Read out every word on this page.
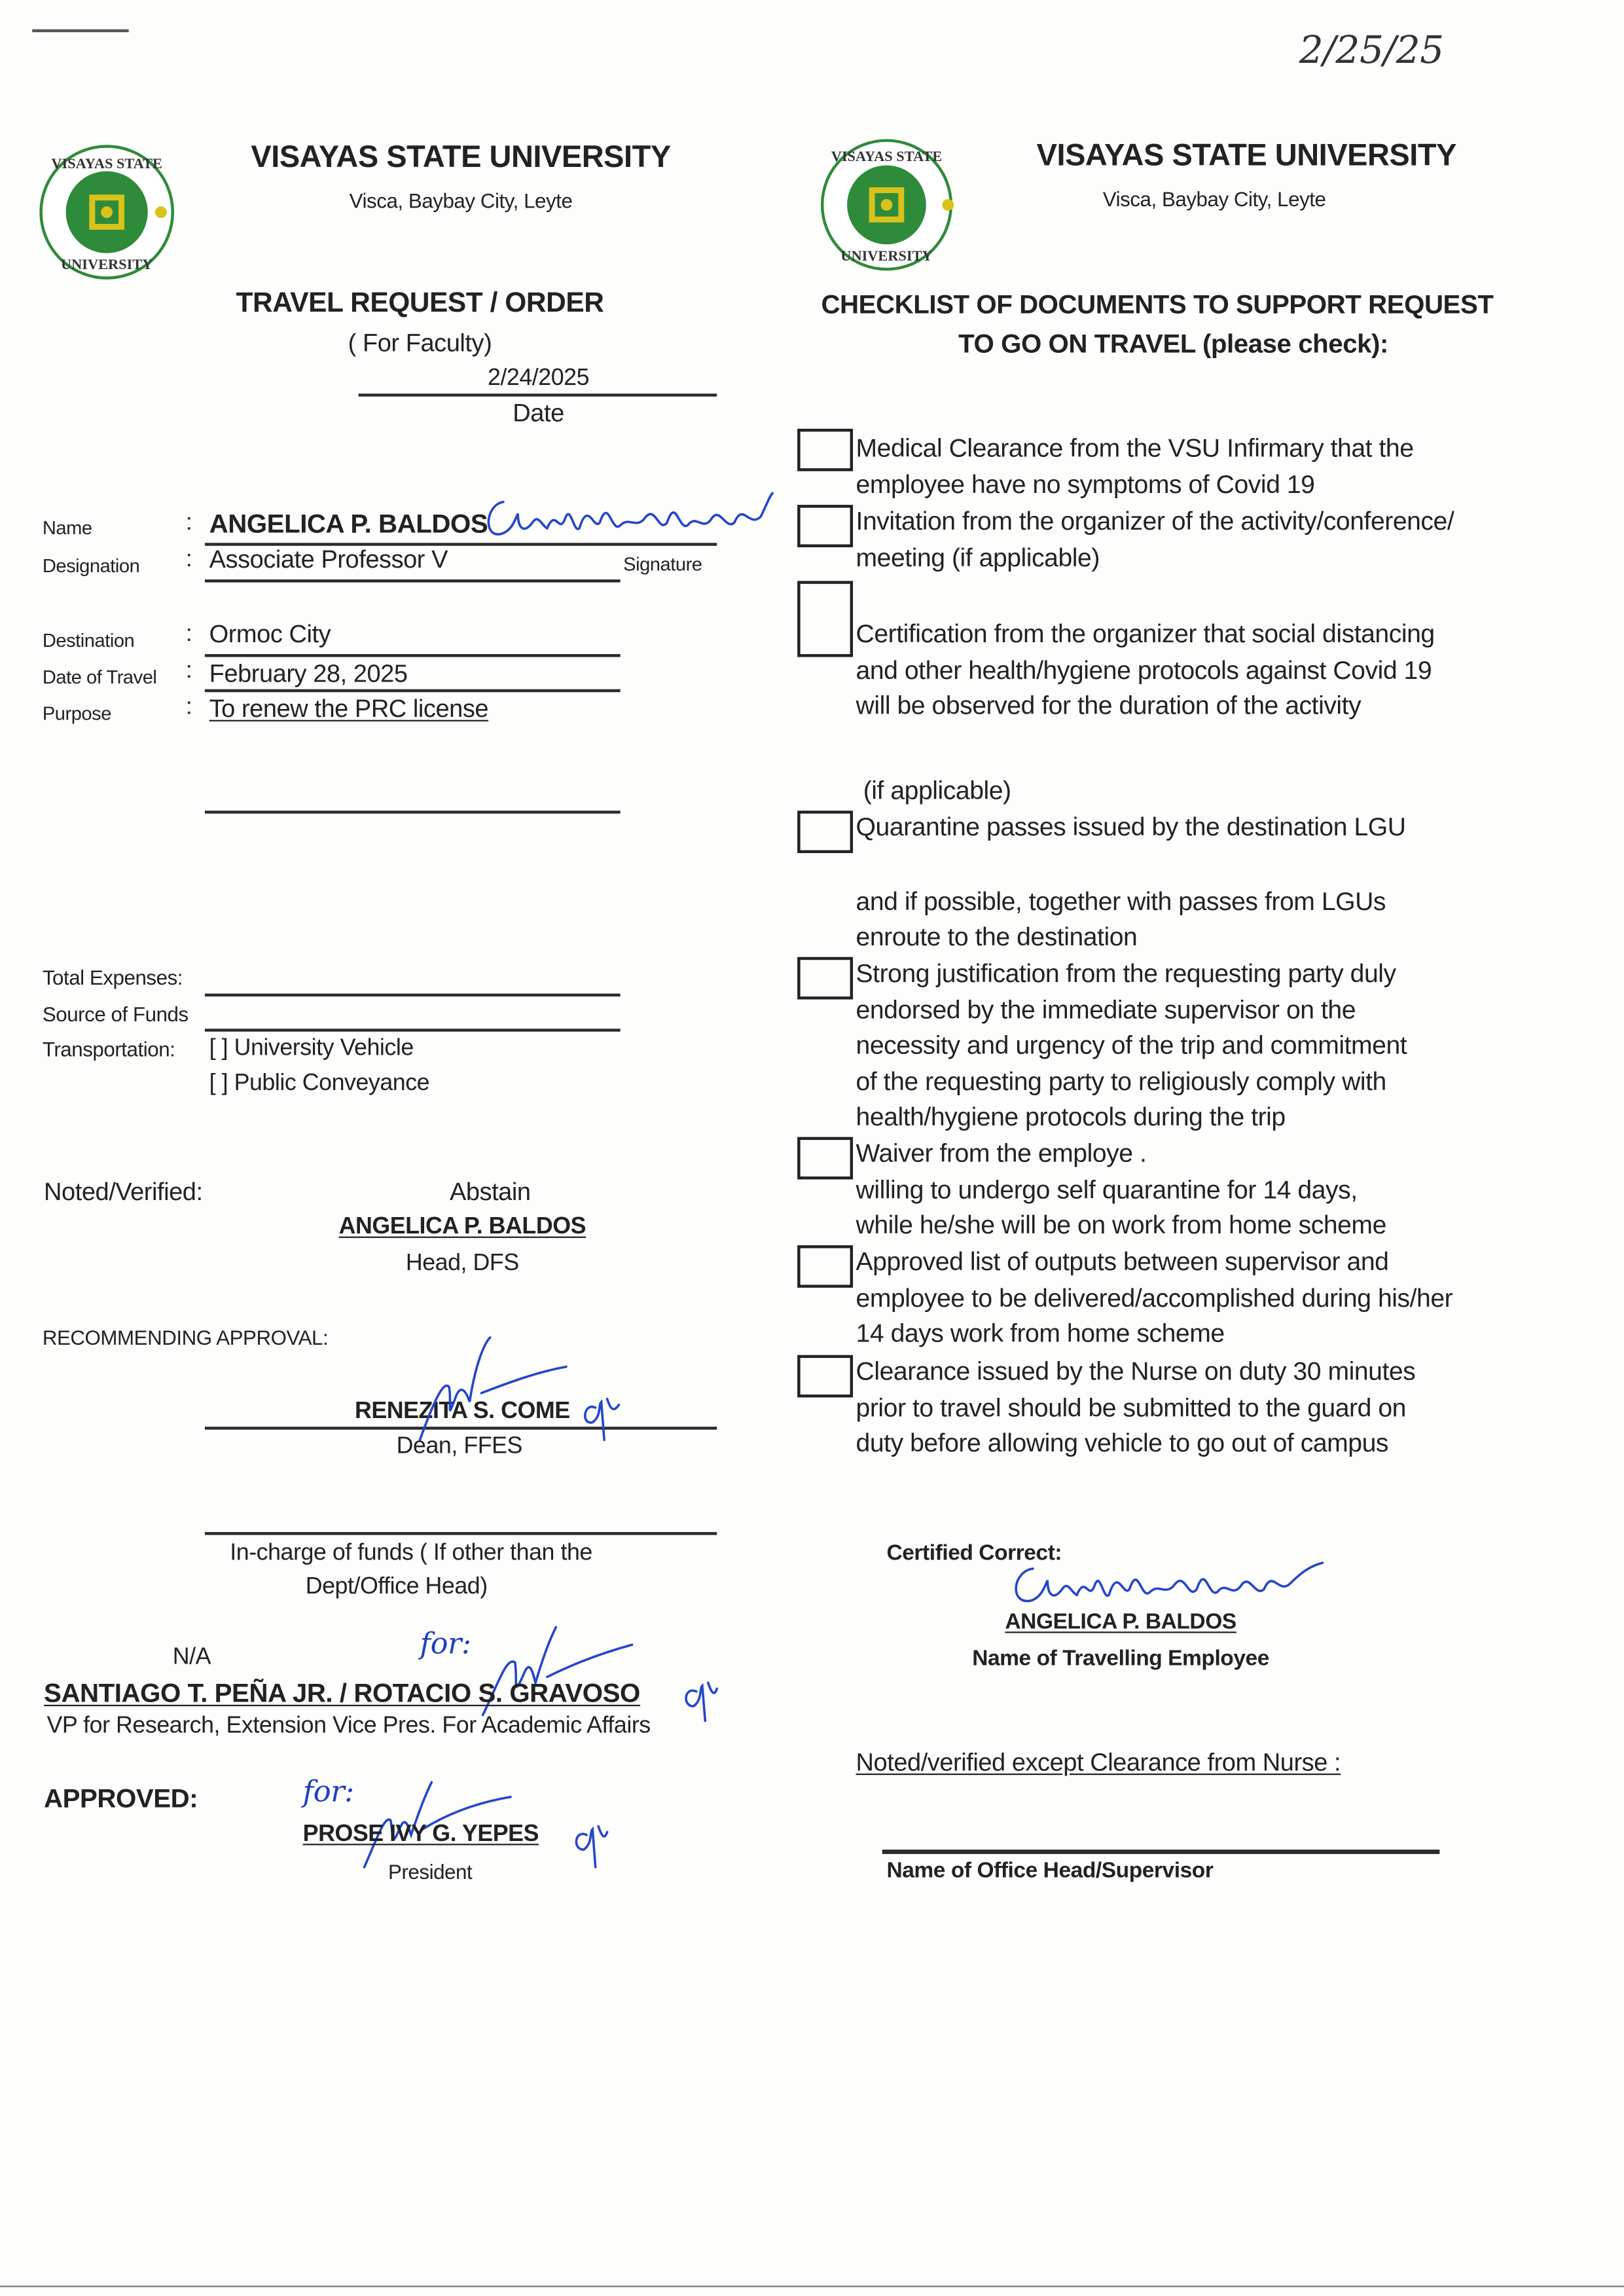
2/25/25
VISAYAS STATE
UNIVERSITY
VISAYAS STATE
UNIVERSITY
VISAYAS STATE UNIVERSITY
Visca, Baybay City, Leyte
VISAYAS STATE UNIVERSITY
Visca, Baybay City, Leyte
TRAVEL REQUEST / ORDER
( For Faculty)
2/24/2025
Date
Name	: ANGELICA P. BALDOS
Designation	: Associate Professor V	Signature
Destination	: Ormoc City
Date of Travel	: February 28, 2025
Purpose	: To renew the PRC license
Total Expenses:
Source of Funds
Transportation:	[ ] University Vehicle
[ ] Public Conveyance
Noted/Verified:	Abstain
ANGELICA P. BALDOS
Head, DFS
RECOMMENDING APPROVAL:
RENEZITA S. COME
Dean, FFES
In-charge of funds ( If other than the
Dept/Office Head)
N/A	for:
SANTIAGO T. PEÑA JR. / ROTACIO S. GRAVOSO
VP for Research, Extension Vice Pres. For Academic Affairs
APPROVED:	for:
PROSE IVY G. YEPES
President
CHECKLIST OF DOCUMENTS TO SUPPORT REQUEST
TO GO ON TRAVEL (please check):
Medical Clearance from the VSU Infirmary that the
employee have no symptoms of Covid 19
Invitation from the organizer of the activity/conference/
meeting (if applicable)
Certification from the organizer that social distancing
and other health/hygiene protocols against Covid 19
will be observed for the duration of the activity
(if applicable)
Quarantine passes issued by the destination LGU
and if possible, together with passes from LGUs
enroute to the destination
Strong justification from the requesting party duly
endorsed by the immediate supervisor on the
necessity and urgency of the trip and commitment
of the requesting party to religiously comply with
health/hygiene protocols during the trip
Waiver from the employe .
willing to undergo self quarantine for 14 days,
while he/she will be on work from home scheme
Approved list of outputs between supervisor and
employee to be delivered/accomplished during his/her
14 days work from home scheme
Clearance issued by the Nurse on duty 30 minutes
prior to travel should be submitted to the guard on
duty before allowing vehicle to go out of campus
Certified Correct:
ANGELICA P. BALDOS
Name of Travelling Employee
Noted/verified except Clearance from Nurse :
Name of Office Head/Supervisor
